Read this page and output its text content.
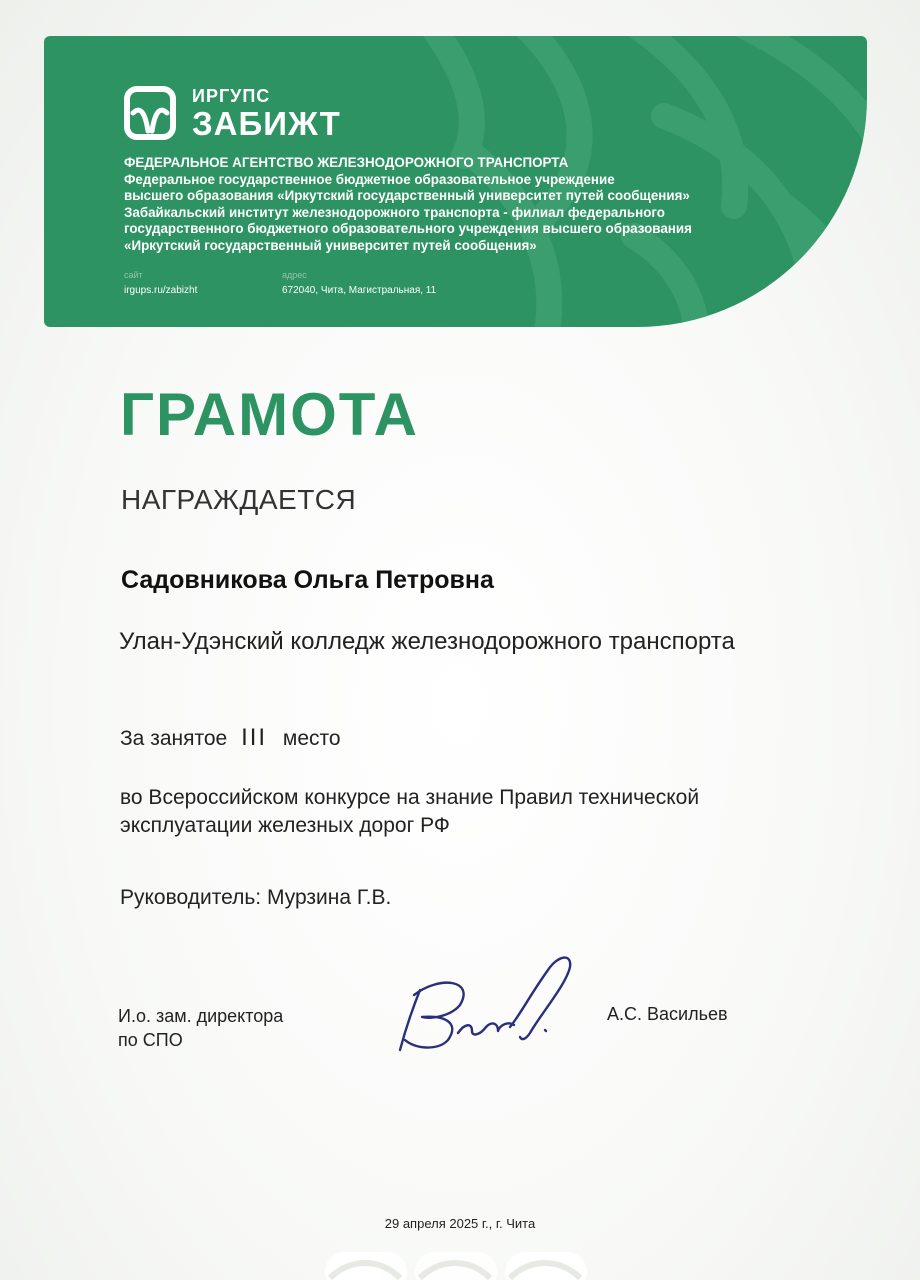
ИРГУПС
ЗАБИЖТ
ФЕДЕРАЛЬНОЕ АГЕНТСТВО ЖЕЛЕЗНОДОРОЖНОГО ТРАНСПОРТА
Федеральное государственное бюджетное образовательное учреждение
высшего образования «Иркутский государственный университет путей сообщения»
Забайкальский институт железнодорожного транспорта - филиал федерального
государственного бюджетного образовательного учреждения высшего образования
«Иркутский государственный университет путей сообщения»
сайт
irgups.ru/zabizht
адрес
672040, Чита, Магистральная, 11
ГРАМОТА
НАГРАЖДАЕТСЯ
Садовникова Ольга Петровна
Улан-Удэнский колледж железнодорожного транспорта
За занятое III место
во Всероссийском конкурсе на знание Правил технической
эксплуатации железных дорог РФ
Руководитель: Мурзина Г.В.
И.о. зам. директора
по СПО
А.С. Васильев
29 апреля 2025 г., г. Чита
